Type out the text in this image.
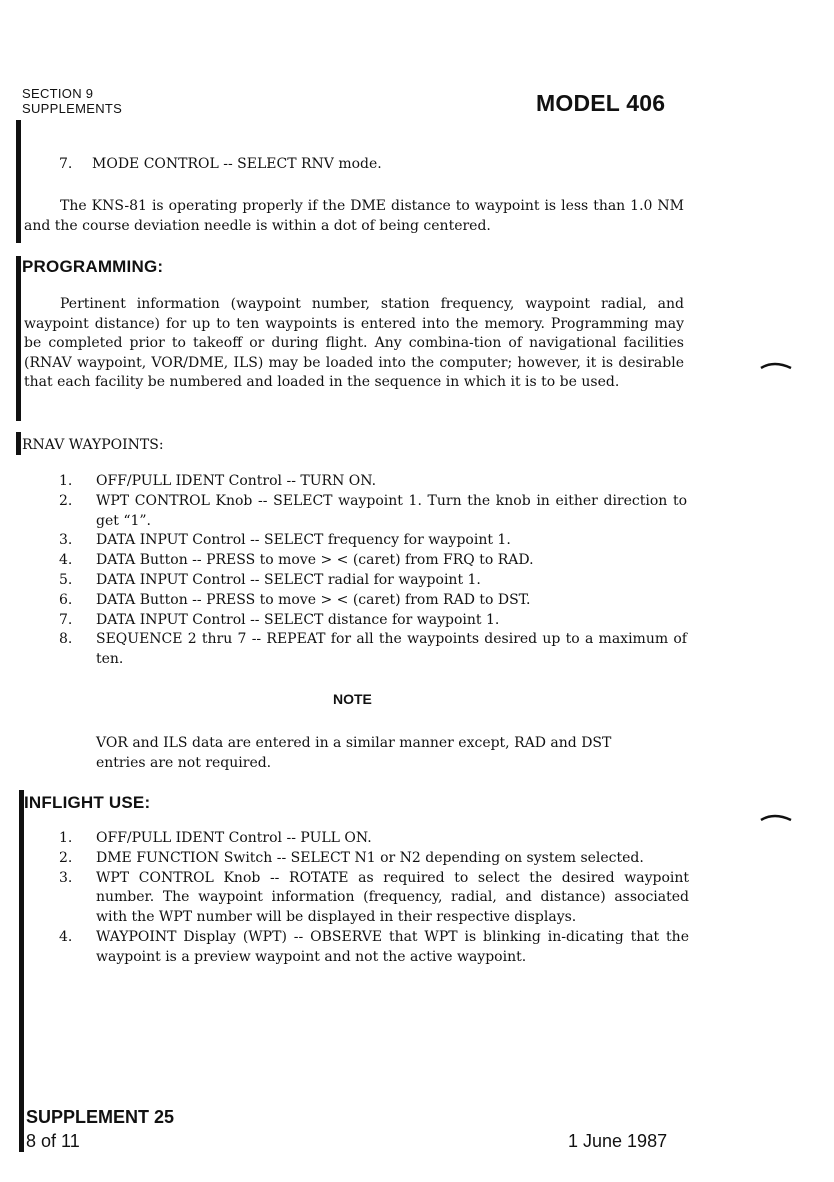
SECTION 9
SUPPLEMENTS	MODEL 406
7. MODE CONTROL -- SELECT RNV mode.
The KNS-81 is operating properly if the DME distance to waypoint is less than 1.0 NM and the course deviation needle is within a dot of being centered.
PROGRAMMING:
Pertinent information (waypoint number, station frequency, waypoint radial, and waypoint distance) for up to ten waypoints is entered into the memory. Programming may be completed prior to takeoff or during flight. Any combina-tion of navigational facilities (RNAV waypoint, VOR/DME, ILS) may be loaded into the computer; however, it is desirable that each facility be numbered and loaded in the sequence in which it is to be used.
RNAV WAYPOINTS:
1. OFF/PULL IDENT Control -- TURN ON.
2. WPT CONTROL Knob -- SELECT waypoint 1. Turn the knob in either direction to get “1”.
3. DATA INPUT Control -- SELECT frequency for waypoint 1.
4. DATA Button -- PRESS to move > < (caret) from FRQ to RAD.
5. DATA INPUT Control -- SELECT radial for waypoint 1.
6. DATA Button -- PRESS to move > < (caret) from RAD to DST.
7. DATA INPUT Control -- SELECT distance for waypoint 1.
8. SEQUENCE 2 thru 7 -- REPEAT for all the waypoints desired up to a maximum of ten.
NOTE
VOR and ILS data are entered in a similar manner except, RAD and DST entries are not required.
INFLIGHT USE:
1. OFF/PULL IDENT Control -- PULL ON.
2. DME FUNCTION Switch -- SELECT N1 or N2 depending on system selected.
3. WPT CONTROL Knob -- ROTATE as required to select the desired waypoint number. The waypoint information (frequency, radial, and distance) associated with the WPT number will be displayed in their respective displays.
4. WAYPOINT Display (WPT) -- OBSERVE that WPT is blinking in-dicating that the waypoint is a preview waypoint and not the active waypoint.
SUPPLEMENT 25
8 of 11	1 June 1987
